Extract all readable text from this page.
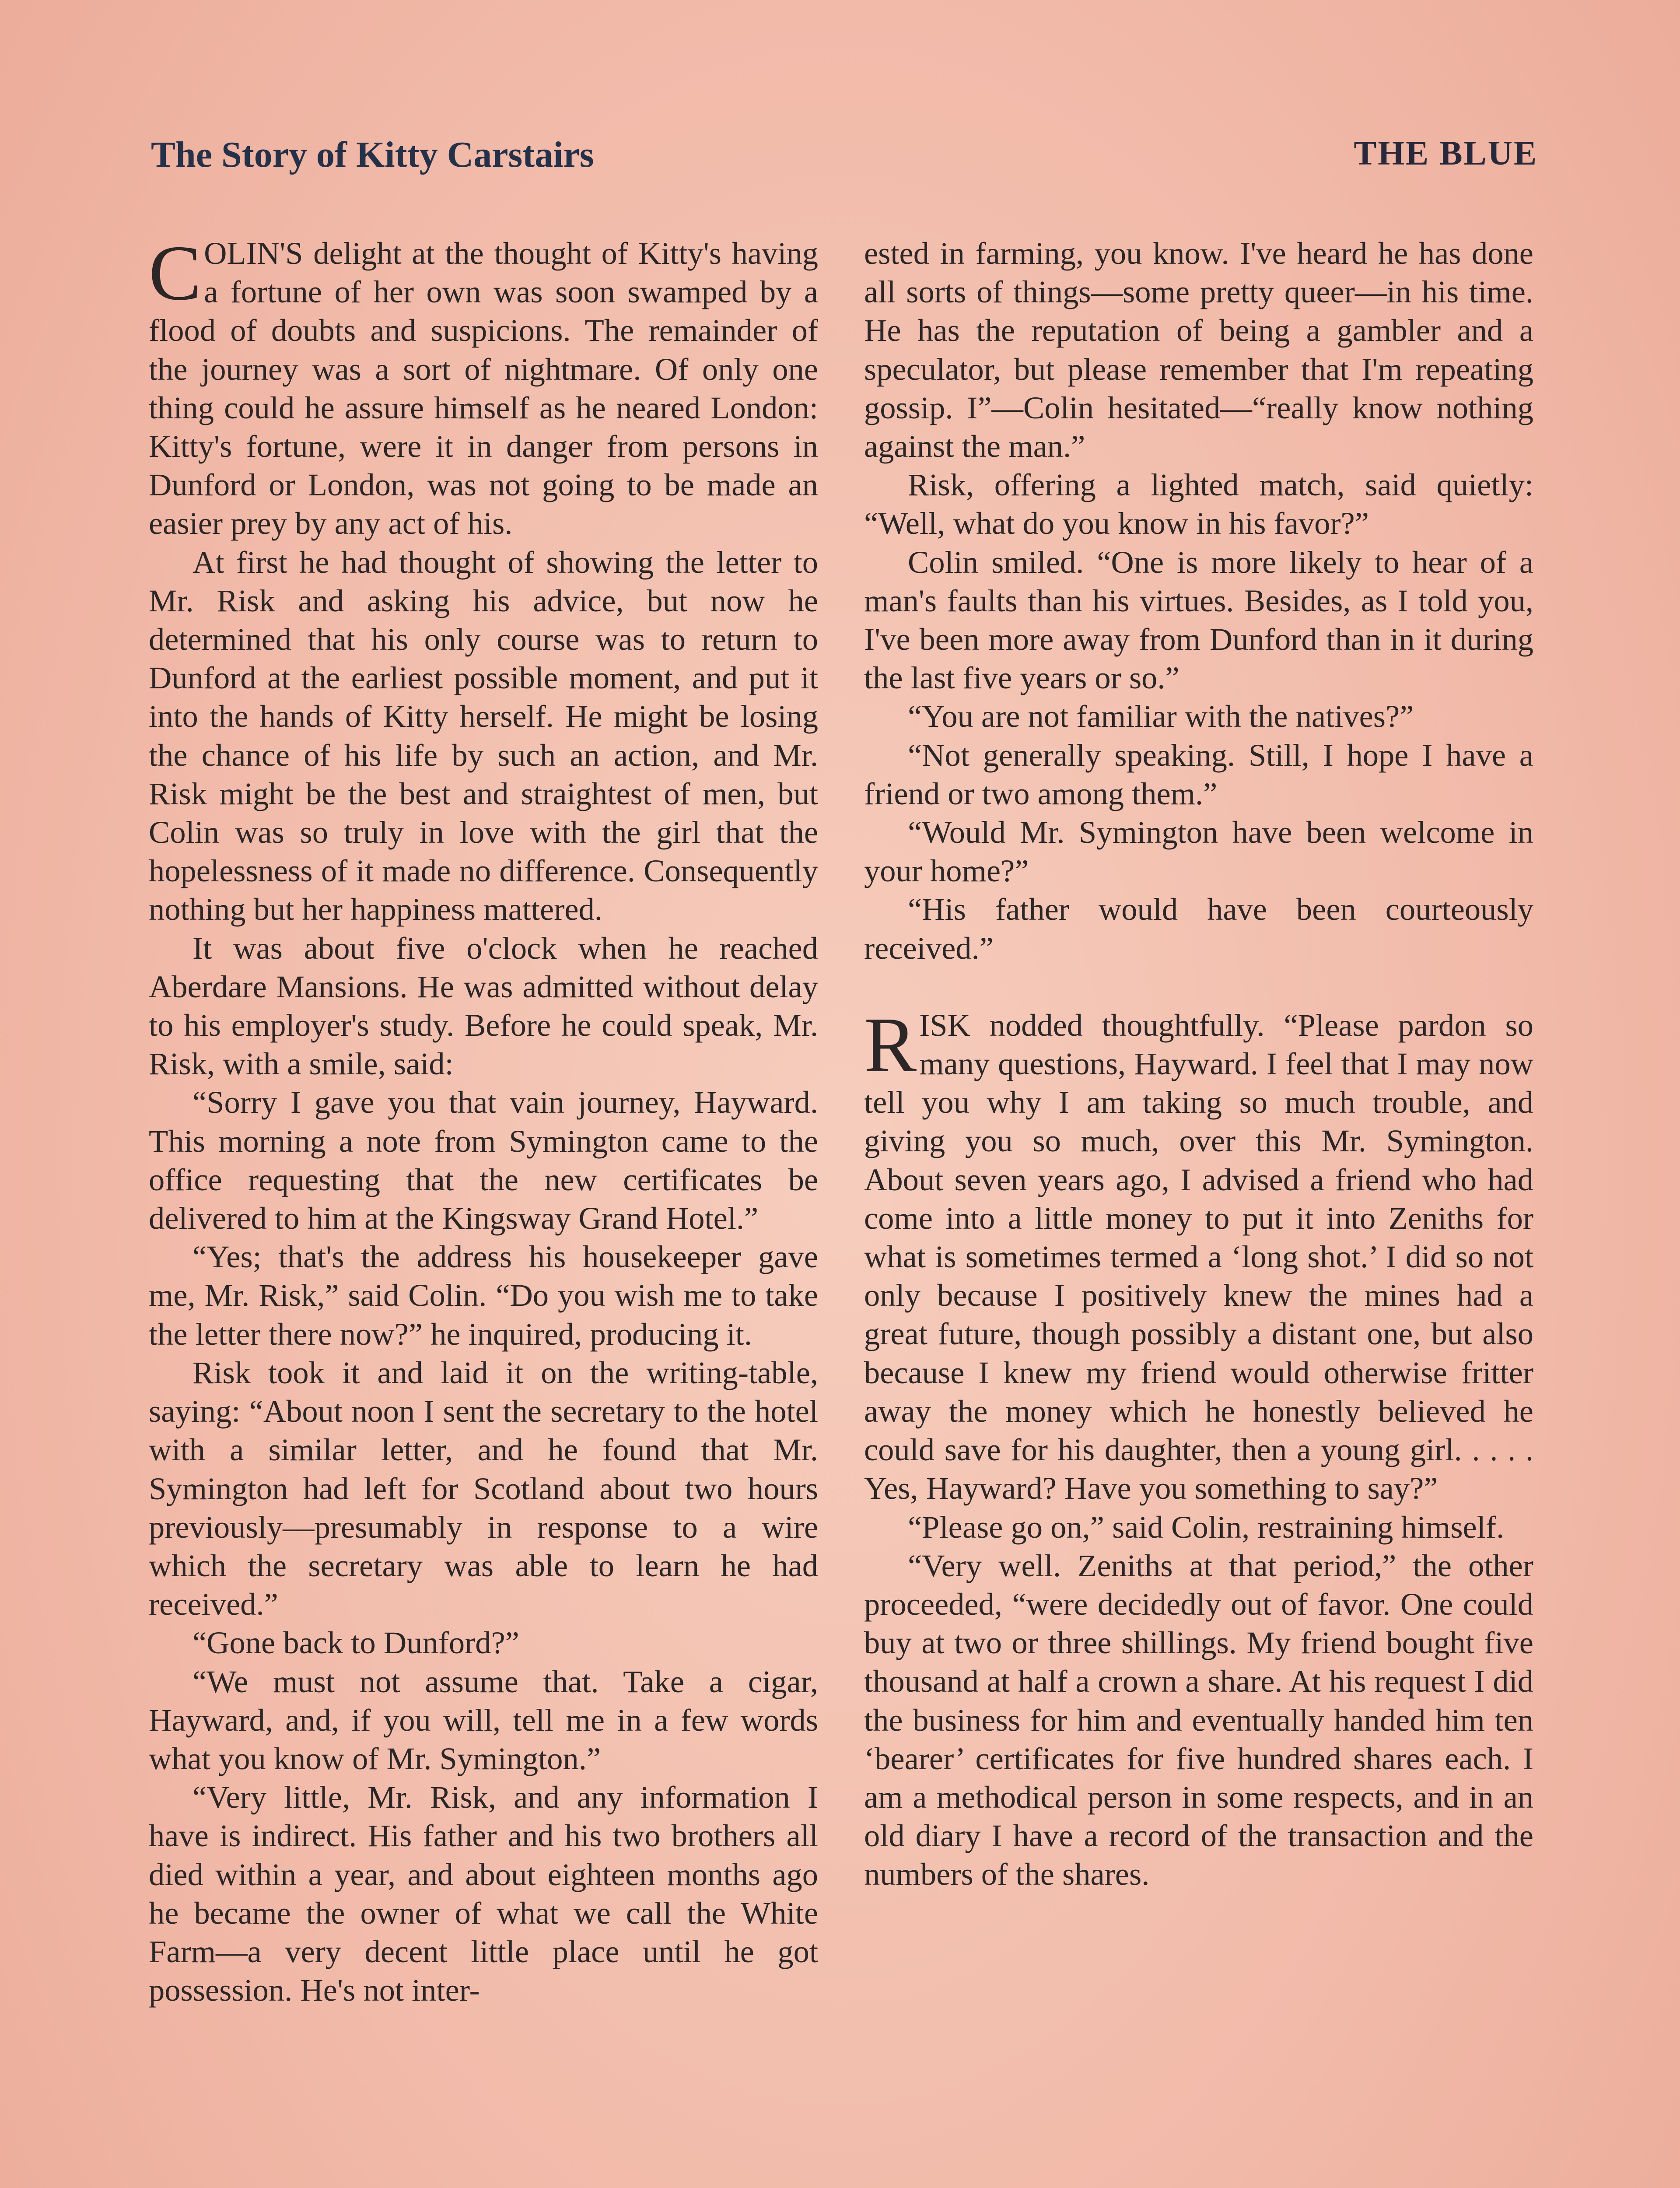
The Story of Kitty Carstairs	THE BLUE

COLIN'S delight at the thought of Kitty's having a fortune of her own was soon swamped by a flood of doubts and suspicions. The remainder of the journey was a sort of nightmare. Of only one thing could he assure himself as he neared London: Kitty's fortune, were it in danger from persons in Dunford or London, was not going to be made an easier prey by any act of his.

At first he had thought of showing the letter to Mr. Risk and asking his advice, but now he determined that his only course was to return to Dunford at the earliest possible moment, and put it into the hands of Kitty herself. He might be losing the chance of his life by such an action, and Mr. Risk might be the best and straightest of men, but Colin was so truly in love with the girl that the hopelessness of it made no difference. Consequently nothing but her happiness mattered.

It was about five o'clock when he reached Aberdare Mansions. He was admitted without delay to his employer's study. Before he could speak, Mr. Risk, with a smile, said:

“Sorry I gave you that vain journey, Hayward. This morning a note from Symington came to the office requesting that the new certificates be delivered to him at the Kingsway Grand Hotel.”

“Yes; that's the address his housekeeper gave me, Mr. Risk,” said Colin. “Do you wish me to take the letter there now?” he inquired, producing it.

Risk took it and laid it on the writing-table, saying: “About noon I sent the secretary to the hotel with a similar letter, and he found that Mr. Symington had left for Scotland about two hours previously—presumably in response to a wire which the secretary was able to learn he had received.”

“Gone back to Dunford?”

“We must not assume that. Take a cigar, Hayward, and, if you will, tell me in a few words what you know of Mr. Symington.”

“Very little, Mr. Risk, and any information I have is indirect. His father and his two brothers all died within a year, and about eighteen months ago he became the owner of what we call the White Farm—a very decent little place until he got possession. He's not inter-

ested in farming, you know. I've heard he has done all sorts of things—some pretty queer—in his time. He has the reputation of being a gambler and a speculator, but please remember that I'm repeating gossip. I”—Colin hesitated—“really know nothing against the man.”

Risk, offering a lighted match, said quietly: “Well, what do you know in his favor?”

Colin smiled. “One is more likely to hear of a man's faults than his virtues. Besides, as I told you, I've been more away from Dunford than in it during the last five years or so.”

“You are not familiar with the natives?”

“Not generally speaking. Still, I hope I have a friend or two among them.”

“Would Mr. Symington have been welcome in your home?”

“His father would have been courteously received.”

RISK nodded thoughtfully. “Please pardon so many questions, Hayward. I feel that I may now tell you why I am taking so much trouble, and giving you so much, over this Mr. Symington. About seven years ago, I advised a friend who had come into a little money to put it into Zeniths for what is sometimes termed a ‘long shot.’ I did so not only because I positively knew the mines had a great future, though possibly a distant one, but also because I knew my friend would otherwise fritter away the money which he honestly believed he could save for his daughter, then a young girl. . . . . Yes, Hayward? Have you something to say?”

“Please go on,” said Colin, restraining himself.

“Very well. Zeniths at that period,” the other proceeded, “were decidedly out of favor. One could buy at two or three shillings. My friend bought five thousand at half a crown a share. At his request I did the business for him and eventually handed him ten ‘bearer’ certificates for five hundred shares each. I am a methodical person in some respects, and in an old diary I have a record of the transaction and the numbers of the shares.
